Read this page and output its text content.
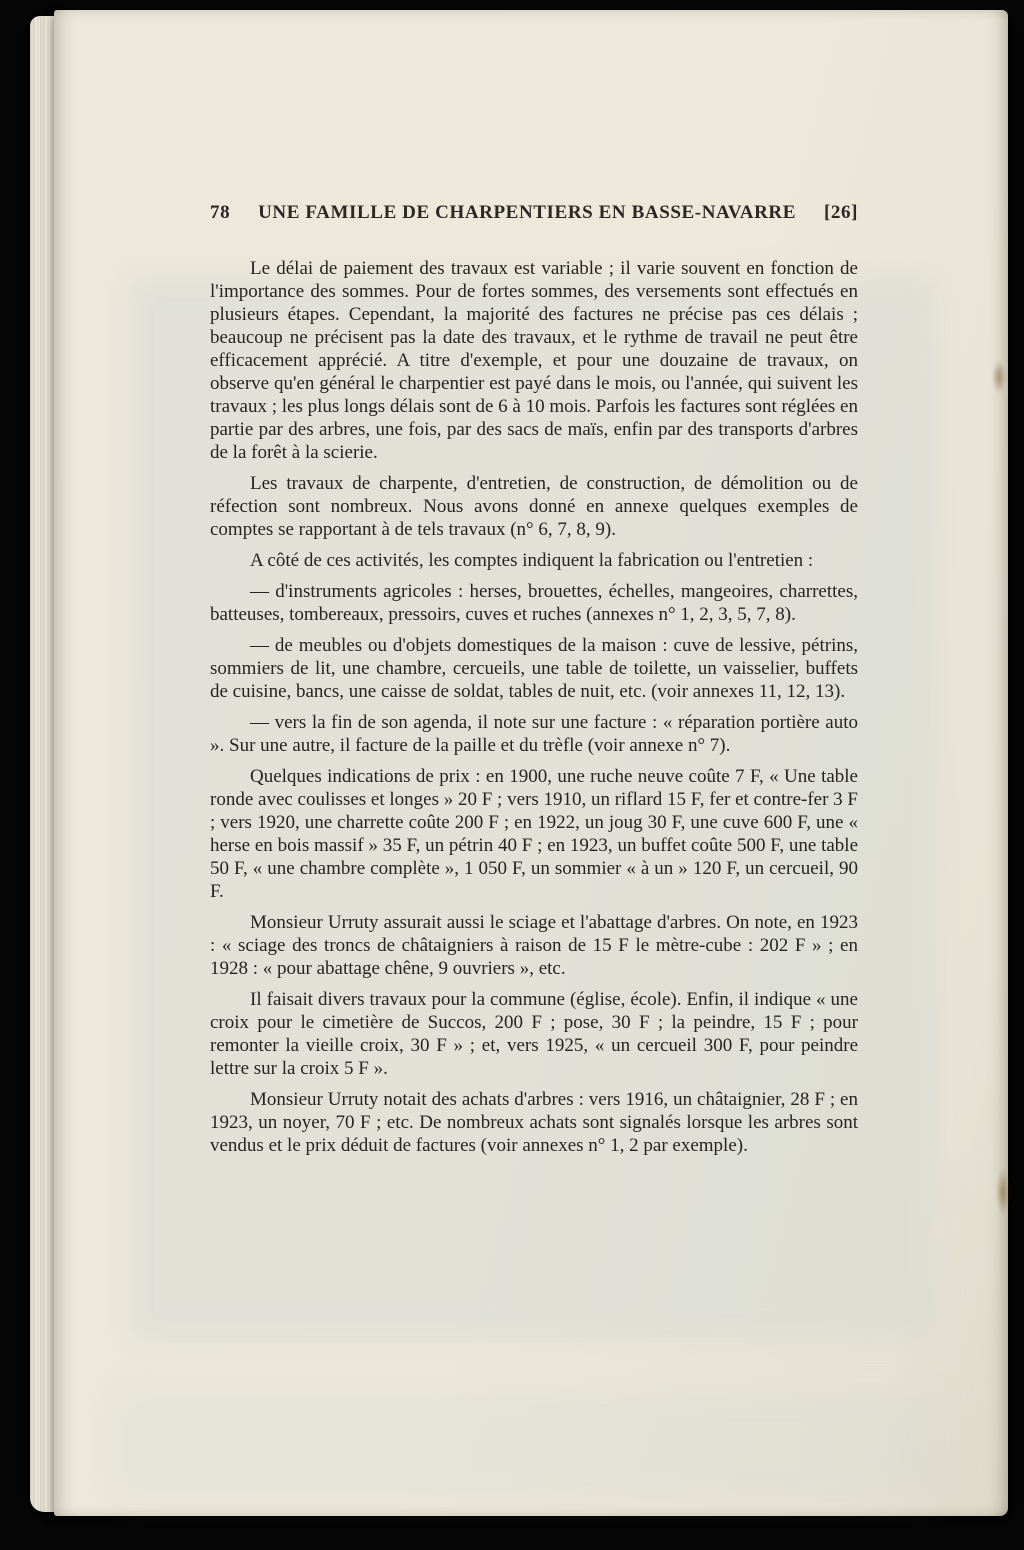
78 UNE FAMILLE DE CHARPENTIERS EN BASSE-NAVARRE [26]

Le délai de paiement des travaux est variable ; il varie souvent en fonction de l'importance des sommes. Pour de fortes sommes, des versements sont effectués en plusieurs étapes. Cependant, la majorité des factures ne précise pas ces délais ; beaucoup ne précisent pas la date des travaux, et le rythme de travail ne peut être efficacement apprécié. A titre d'exemple, et pour une douzaine de travaux, on observe qu'en général le charpentier est payé dans le mois, ou l'année, qui suivent les travaux ; les plus longs délais sont de 6 à 10 mois. Parfois les factures sont réglées en partie par des arbres, une fois, par des sacs de maïs, enfin par des transports d'arbres de la forêt à la scierie.

Les travaux de charpente, d'entretien, de construction, de démolition ou de réfection sont nombreux. Nous avons donné en annexe quelques exemples de comptes se rapportant à de tels travaux (n° 6, 7, 8, 9).

A côté de ces activités, les comptes indiquent la fabrication ou l'entretien :

— d'instruments agricoles : herses, brouettes, échelles, mangeoires, charrettes, batteuses, tombereaux, pressoirs, cuves et ruches (annexes n° 1, 2, 3, 5, 7, 8).

— de meubles ou d'objets domestiques de la maison : cuve de lessive, pétrins, sommiers de lit, une chambre, cercueils, une table de toilette, un vaisselier, buffets de cuisine, bancs, une caisse de soldat, tables de nuit, etc. (voir annexes 11, 12, 13).

— vers la fin de son agenda, il note sur une facture : « réparation portière auto ». Sur une autre, il facture de la paille et du trèfle (voir annexe n° 7).

Quelques indications de prix : en 1900, une ruche neuve coûte 7 F, « Une table ronde avec coulisses et longes » 20 F ; vers 1910, un riflard 15 F, fer et contre-fer 3 F ; vers 1920, une charrette coûte 200 F ; en 1922, un joug 30 F, une cuve 600 F, une « herse en bois massif » 35 F, un pétrin 40 F ; en 1923, un buffet coûte 500 F, une table 50 F, « une chambre complète », 1 050 F, un sommier « à un » 120 F, un cercueil, 90 F.

Monsieur Urruty assurait aussi le sciage et l'abattage d'arbres. On note, en 1923 : « sciage des troncs de châtaigniers à raison de 15 F le mètre-cube : 202 F » ; en 1928 : « pour abattage chêne, 9 ouvriers », etc.

Il faisait divers travaux pour la commune (église, école). Enfin, il indique « une croix pour le cimetière de Succos, 200 F ; pose, 30 F ; la peindre, 15 F ; pour remonter la vieille croix, 30 F » ; et, vers 1925, « un cercueil 300 F, pour peindre lettre sur la croix 5 F ».

Monsieur Urruty notait des achats d'arbres : vers 1916, un châtaignier, 28 F ; en 1923, un noyer, 70 F ; etc. De nombreux achats sont signalés lorsque les arbres sont vendus et le prix déduit de factures (voir annexes n° 1, 2 par exemple).
